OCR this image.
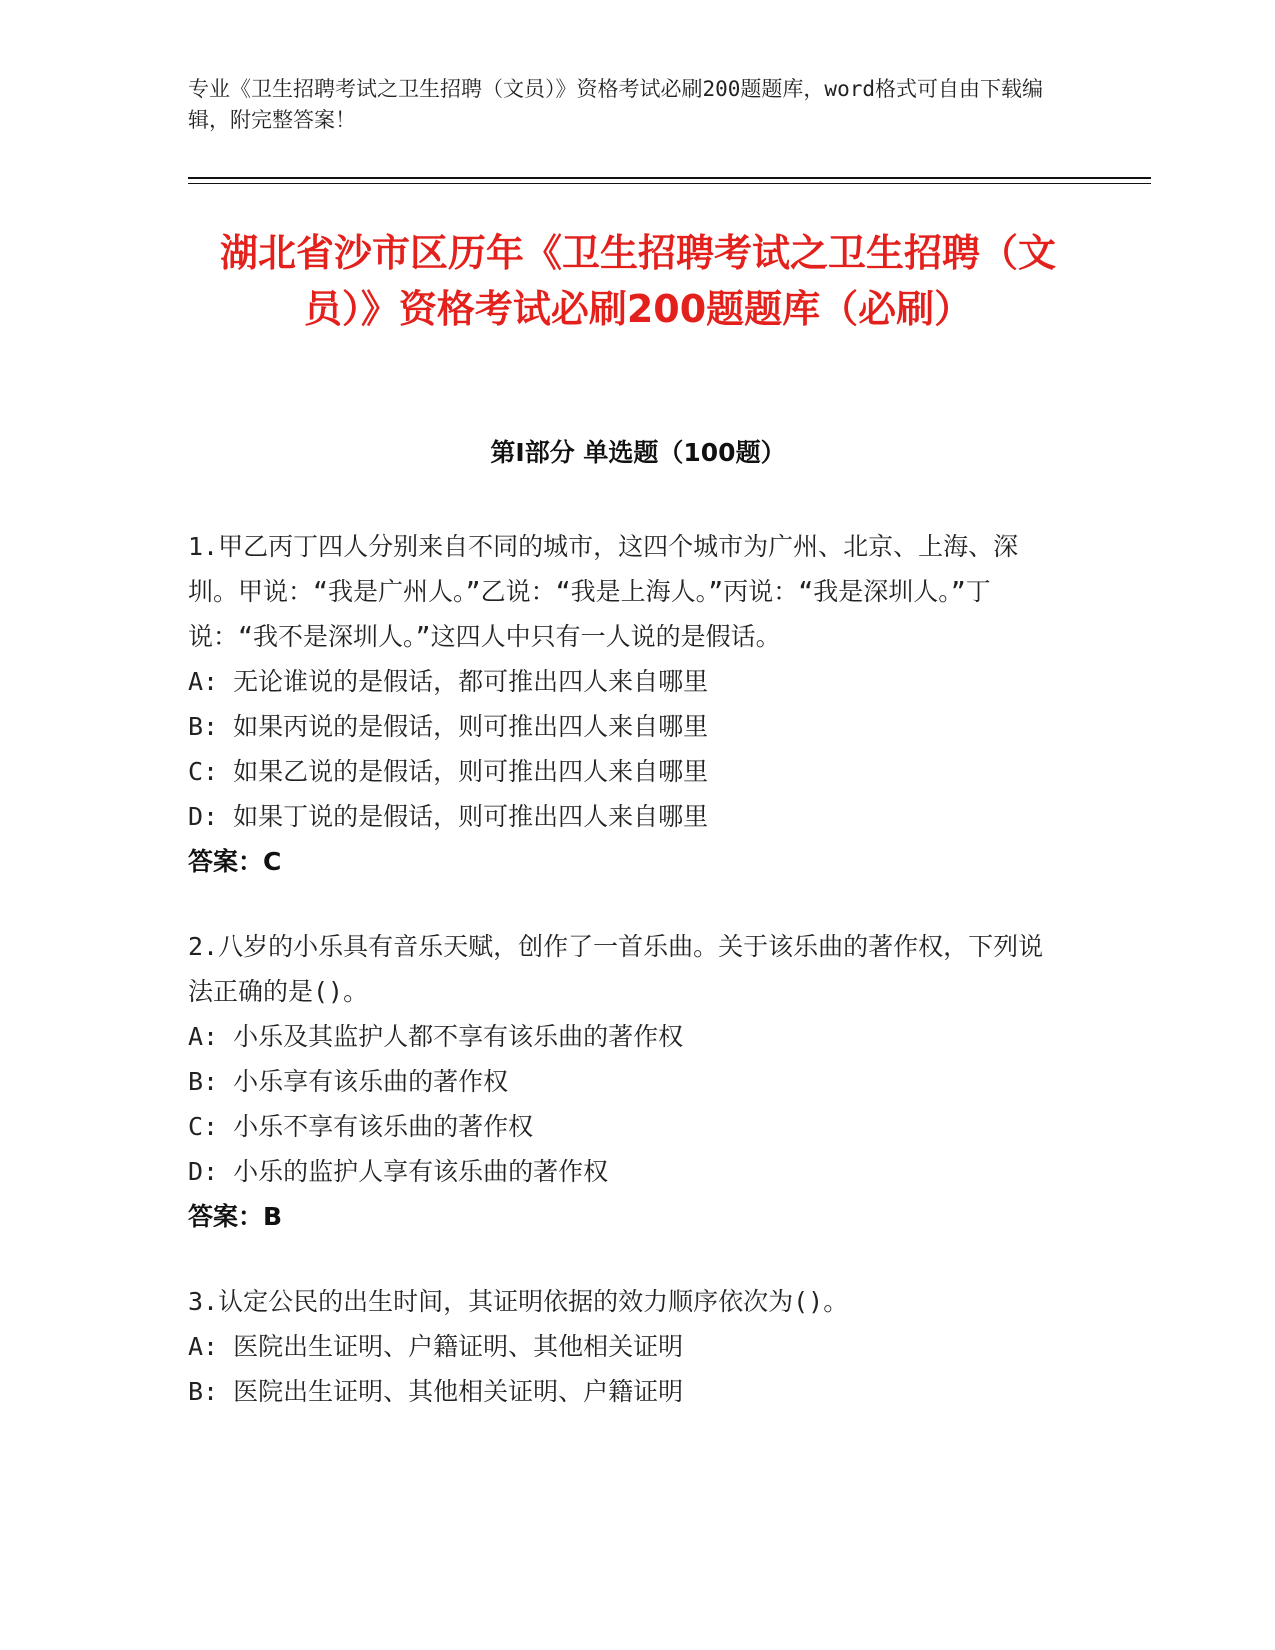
专业《卫生招聘考试之卫生招聘（文员）》资格考试必刷200题题库，word格式可自由下载编辑，附完整答案！
湖北省沙市区历年《卫生招聘考试之卫生招聘（文员）》资格考试必刷200题题库（必刷）
第Ⅰ部分 单选题（100题）
1.甲乙丙丁四人分别来自不同的城市，这四个城市为广州、北京、上海、深圳。甲说：“我是广州人。”乙说：“我是上海人。”丙说：“我是深圳人。”丁说：“我不是深圳人。”这四人中只有一人说的是假话。
A: 无论谁说的是假话，都可推出四人来自哪里
B: 如果丙说的是假话，则可推出四人来自哪里
C: 如果乙说的是假话，则可推出四人来自哪里
D: 如果丁说的是假话，则可推出四人来自哪里
答案：C
2.八岁的小乐具有音乐天赋，创作了一首乐曲。关于该乐曲的著作权，下列说法正确的是()。
A: 小乐及其监护人都不享有该乐曲的著作权
B: 小乐享有该乐曲的著作权
C: 小乐不享有该乐曲的著作权
D: 小乐的监护人享有该乐曲的著作权
答案：B
3.认定公民的出生时间，其证明依据的效力顺序依次为()。
A: 医院出生证明、户籍证明、其他相关证明
B: 医院出生证明、其他相关证明、户籍证明
